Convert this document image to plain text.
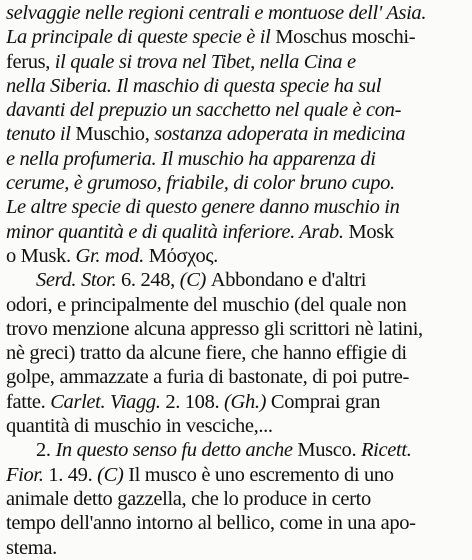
selvaggie nelle regioni centrali e montuose dell' Asia.
La principale di queste specie è il Moschus moschi-
ferus, il quale si trova nel Tibet, nella Cina e
nella Siberia. Il maschio di questa specie ha sul
davanti del prepuzio un sacchetto nel quale è con-
tenuto il Muschio, sostanza adoperata in medicina
e nella profumeria. Il muschio ha apparenza di
cerume, è grumoso, friabile, di color bruno cupo.
Le altre specie di questo genere danno muschio in
minor quantità e di qualità inferiore. Arab. Mosk
o Musk. Gr. mod. Μόσχος.
Serd. Stor. 6. 248, (C) Abbondano e d'altri
odori, e principalmente del muschio (del quale non
trovo menzione alcuna appresso gli scrittori nè latini,
nè greci) tratto da alcune fiere, che hanno effigie di
golpe, ammazzate a furia di bastonate, di poi putre-
fatte. Carlet. Viagg. 2. 108. (Gh.) Comprai gran
quantità di muschio in vesciche,...
2. In questo senso fu detto anche Musco. Ricett.
Fior. 1. 49. (C) Il musco è uno escremento di uno
animale detto gazzella, che lo produce in certo
tempo dell'anno intorno al bellico, come in una apo-
stema.
